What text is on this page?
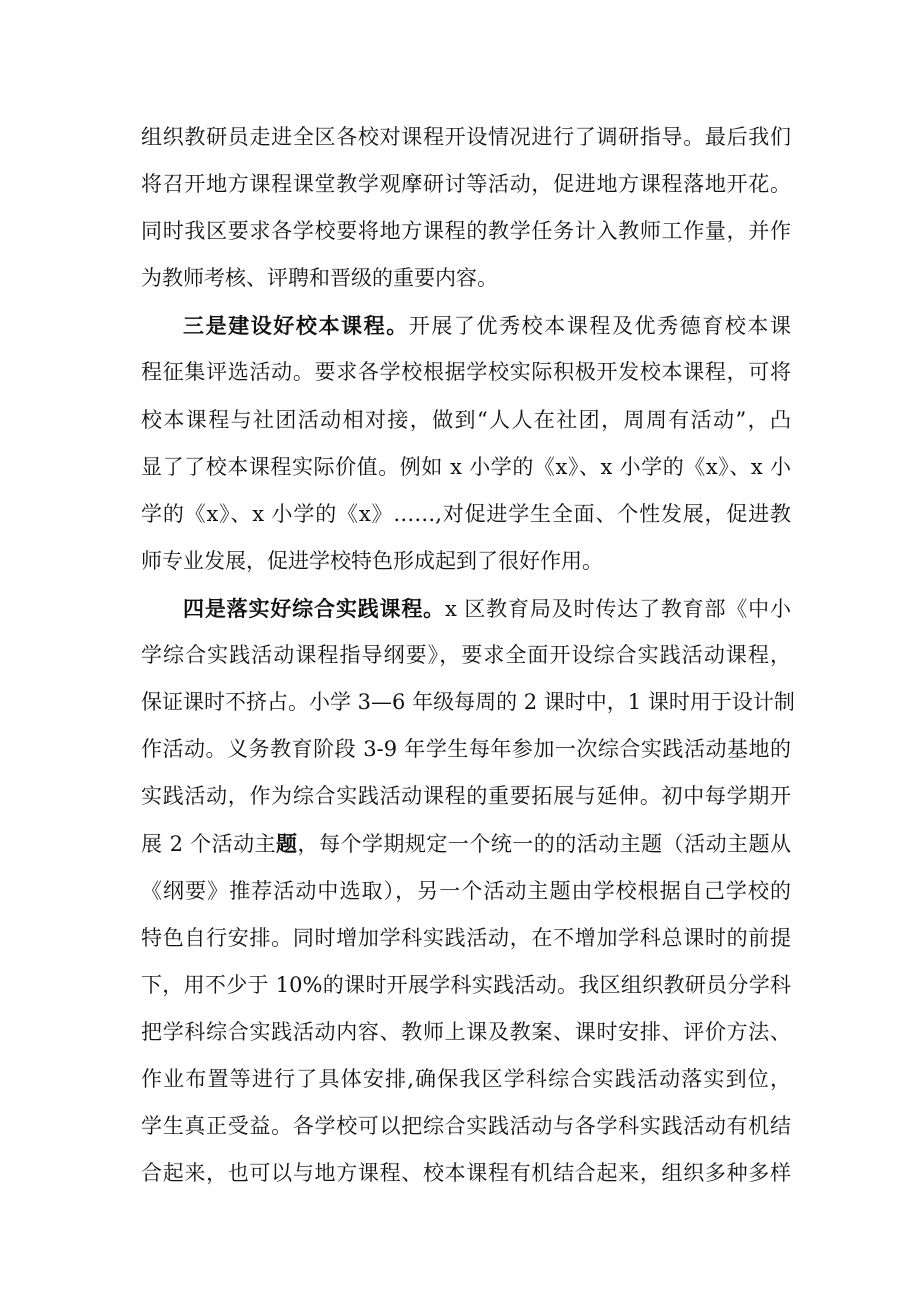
组织教研员走进全区各校对课程开设情况进行了调研指导。最后我们
将召开地方课程课堂教学观摩研讨等活动，促进地方课程落地开花。
同时我区要求各学校要将地方课程的教学任务计入教师工作量，并作
为教师考核、评聘和晋级的重要内容。
三是建设好校本课程。开展了优秀校本课程及优秀德育校本课
程征集评选活动。要求各学校根据学校实际积极开发校本课程，可将
校本课程与社团活动相对接，做到“人人在社团，周周有活动”，凸
显了了校本课程实际价值。例如 x 小学的《x》、x 小学的《x》、x 小
学的《x》、x 小学的《x》……,对促进学生全面、个性发展，促进教
师专业发展，促进学校特色形成起到了很好作用。
四是落实好综合实践课程。x 区教育局及时传达了教育部《中小
学综合实践活动课程指导纲要》，要求全面开设综合实践活动课程，
保证课时不挤占。小学 3—6 年级每周的 2 课时中，1 课时用于设计制
作活动。义务教育阶段 3-9 年学生每年参加一次综合实践活动基地的
实践活动，作为综合实践活动课程的重要拓展与延伸。初中每学期开
展 2 个活动主题，每个学期规定一个统一的的活动主题（活动主题从
《纲要》推荐活动中选取），另一个活动主题由学校根据自己学校的
特色自行安排。同时增加学科实践活动，在不增加学科总课时的前提
下，用不少于 10%的课时开展学科实践活动。我区组织教研员分学科
把学科综合实践活动内容、教师上课及教案、课时安排、评价方法、
作业布置等进行了具体安排,确保我区学科综合实践活动落实到位，
学生真正受益。各学校可以把综合实践活动与各学科实践活动有机结
合起来，也可以与地方课程、校本课程有机结合起来，组织多种多样
